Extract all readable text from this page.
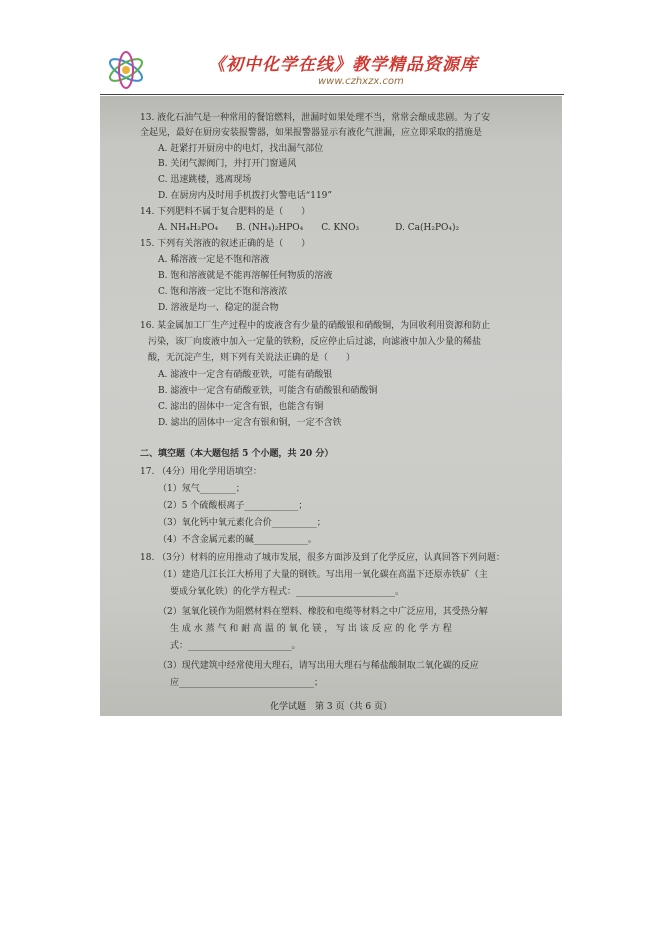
《初中化学在线》教学精品资源库
www.czhxzx.com
13. 液化石油气是一种常用的餐馆燃料，泄漏时如果处理不当，常常会酿成悲剧。为了安
全起见，最好在厨房安装报警器，如果报警器显示有液化气泄漏，应立即采取的措施是
A. 赶紧打开厨房中的电灯，找出漏气部位
B. 关闭气源阀门，并打开门窗通风
C. 迅速跳楼，逃离现场
D. 在厨房内及时用手机拨打火警电话“119”
14. 下列肥料不属于复合肥料的是（　　）
A. NH₄H₂PO₄　　B. (NH₄)₂HPO₄　　C. KNO₃　　　　D. Ca(H₂PO₄)₂
15. 下列有关溶液的叙述正确的是（　　）
A. 稀溶液一定是不饱和溶液
B. 饱和溶液就是不能再溶解任何物质的溶液
C. 饱和溶液一定比不饱和溶液浓
D. 溶液是均一、稳定的混合物
16. 某金属加工厂生产过程中的废液含有少量的硝酸银和硝酸铜，为回收利用资源和防止
污染，该厂向废液中加入一定量的铁粉，反应停止后过滤，向滤液中加入少量的稀盐
酸，无沉淀产生，则下列有关说法正确的是（　　）
A. 滤液中一定含有硝酸亚铁，可能有硝酸银
B. 滤液中一定含有硝酸亚铁，可能含有硝酸银和硝酸铜
C. 滤出的固体中一定含有银，也能含有铜
D. 滤出的固体中一定含有银和铜，一定不含铁
二、填空题（本大题包括 5 个小题，共 20 分）
17. （4分）用化学用语填空：
（1）氖气________；
（2）5 个硫酸根离子____________；
（3）氧化钙中氧元素化合价__________；
（4）不含金属元素的碱____________。
18. （3分）材料的应用推动了城市发展，很多方面涉及到了化学反应，认真回答下列问题：
（1）建造几江长江大桥用了大量的钢铁。写出用一氧化碳在高温下还原赤铁矿（主
要成分氧化铁）的化学方程式：______________________。
（2）氢氧化镁作为阻燃材料在塑料、橡胶和电缆等材料之中广泛应用，其受热分解
生 成 水 蒸 气 和 耐 高 温 的 氧 化 镁 ， 写 出 该 反 应 的 化 学 方 程
式：_______________________。
（3）现代建筑中经常使用大理石，请写出用大理石与稀盐酸制取二氧化碳的反应
应______________________________；
化学试题　第 3 页（共 6 页）
